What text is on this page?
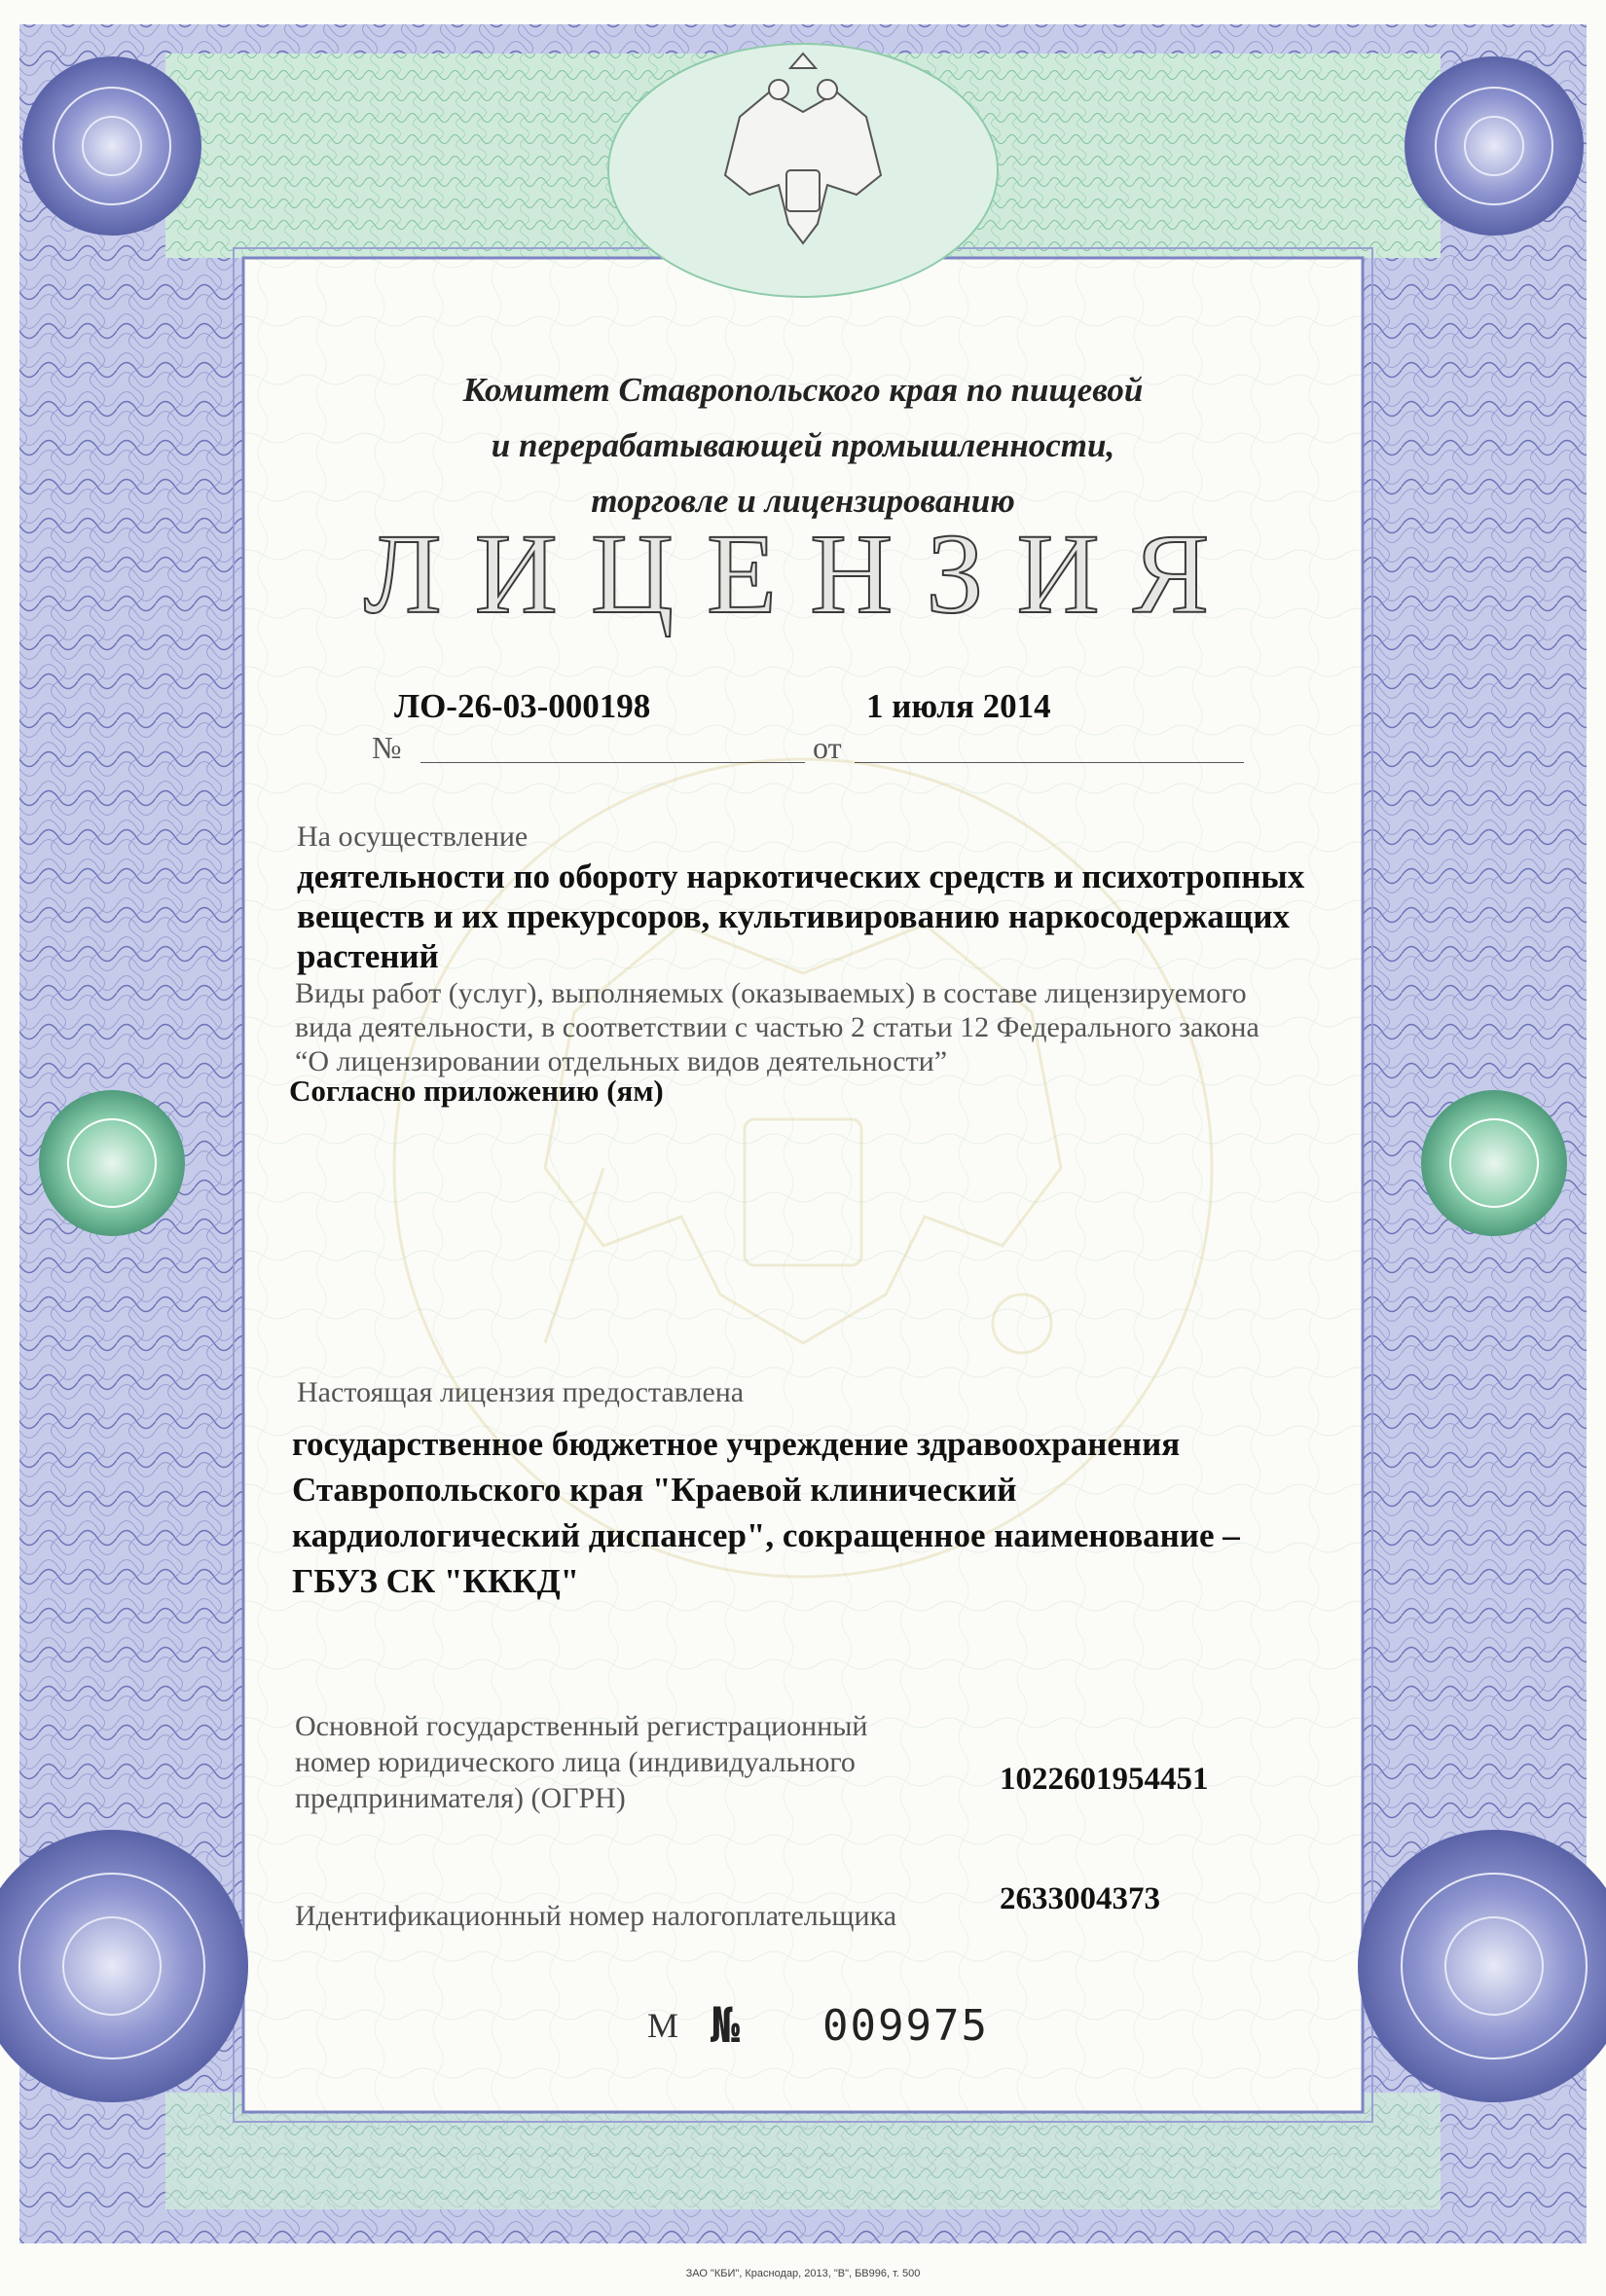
Комитет Ставропольского края по пищевой
и перерабатывающей промышленности,
торговле и лицензированию
ЛИЦЕНЗИЯ
ЛО-26-03-000198	1 июля 2014
№	от
На осуществление
деятельности по обороту наркотических средств и психотропных
веществ и их прекурсоров, культивированию наркосодержащих
растений
Виды работ (услуг), выполняемых (оказываемых) в составе лицензируемого
вида деятельности, в соответствии с частью 2 статьи 12 Федерального закона
“О лицензировании отдельных видов деятельности”
Согласно приложению (ям)
Настоящая лицензия предоставлена
государственное бюджетное учреждение здравоохранения
Ставропольского края "Краевой клинический
кардиологический диспансер", сокращенное наименование –
ГБУЗ СК "КККД"
Основной государственный регистрационный
номер юридического лица (индивидуального
предпринимателя) (ОГРН)
1022601954451
Идентификационный номер налогоплательщика	2633004373
М № 009975
ЗАО "КБИ", Краснодар, 2013, "В", БВ996, т. 500
